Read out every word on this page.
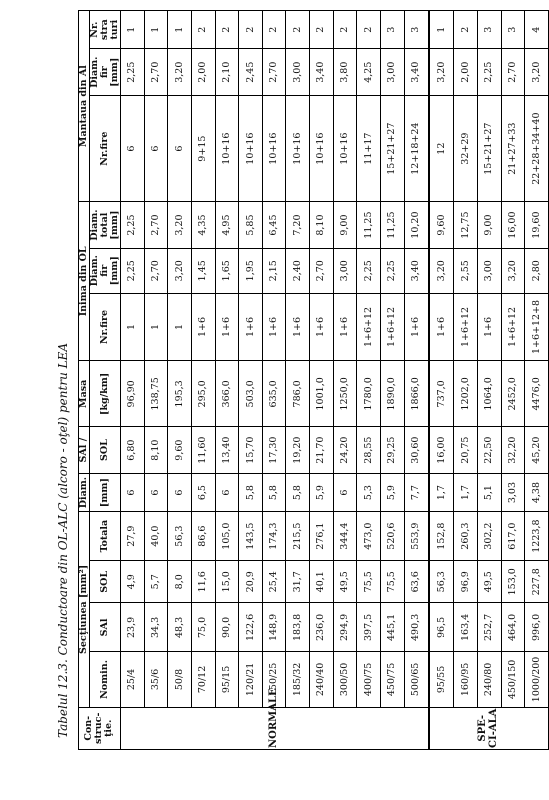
Tabelul 12.3. Conductoare din OL-ALC (alcoro - oţel) pentru LEA Con-
struc-
ţie.	Secţiunea [mm²]				Diam.	SAl /	Masa	Inima din OL			Mantaua din Al		
	Nomin.	SAl	SOL	Totala	[mm]	SOL	[kg/km]	Nr.fire	Diam. fir [mm]	Diam. total [mm]	Nr.fire	Diam. fir [mm]	Nr. stra turi

NORMALE	25/4	23,9	4,9	27,9	6	6,80	96,90	1	2,25	2,25	6	2,25	1
	35/6	34,3	5,7	40,0	6	8,10	138,75	1	2,70	2,70	6	2,70	1
	50/8	48,3	8,0	56,3	6	9,60	195,3	1	3,20	3,20	6	3,20	1
	70/12	75,0	11,6	86,6	6,5	11,60	295,0	1+6	1,45	4,35	9+15	2,00	2
	95/15	90,0	15,0	105,0	6	13,40	366,0	1+6	1,65	4,95	10+16	2,10	2
	120/21	122,6	20,9	143,5	5,8	15,70	503,0	1+6	1,95	5,85	10+16	2,45	2
	150/25	148,9	25,4	174,3	5,8	17,30	635,0	1+6	2,15	6,45	10+16	2,70	2
	185/32	183,8	31,7	215,5	5,8	19,20	786,0	1+6	2,40	7,20	10+16	3,00	2
	240/40	236,0	40,1	276,1	5,9	21,70	1001,0	1+6	2,70	8,10	10+16	3,40	2
	300/50	294,9	49,5	344,4	6	24,20	1250,0	1+6	3,00	9,00	10+16	3,80	2
	400/75	397,5	75,5	473,0	5,3	28,55	1780,0	1+6+12	2,25	11,25	11+17	4,25	2
	450/75	445,1	75,5	520,6	5,9	29,25	1890,0	1+6+12	2,25	11,25	15+21+27	3,00	3
	500/65	490,3	63,6	553,9	7,7	30,60	1866,0	1+6	3,40	10,20	12+18+24	3,40	3
SPE-CI-ALA	95/55	96,5	56,3	152,8	1,7	16,00	737,0	1+6	3,20	9,60	12	3,20	1
	160/95	163,4	96,9	260,3	1,7	20,75	1202,0	1+6+12	2,55	12,75	32+29	2,00	2
	240/80	252,7	49,5	302,2	5,1	22,50	1064,0	1+6	3,00	9,00	15+21+27	2,25	3
	450/150	464,0	153,0	617,0	3,03	32,20	2452,0	1+6+12	3,20	16,00	21+27+33	2,70	3
	1000/200	996,0	227,8	1223,8	4,38	45,20	4476,0	1+6+12+8	2,80	19,60	22+28+34+40	3,20	4
